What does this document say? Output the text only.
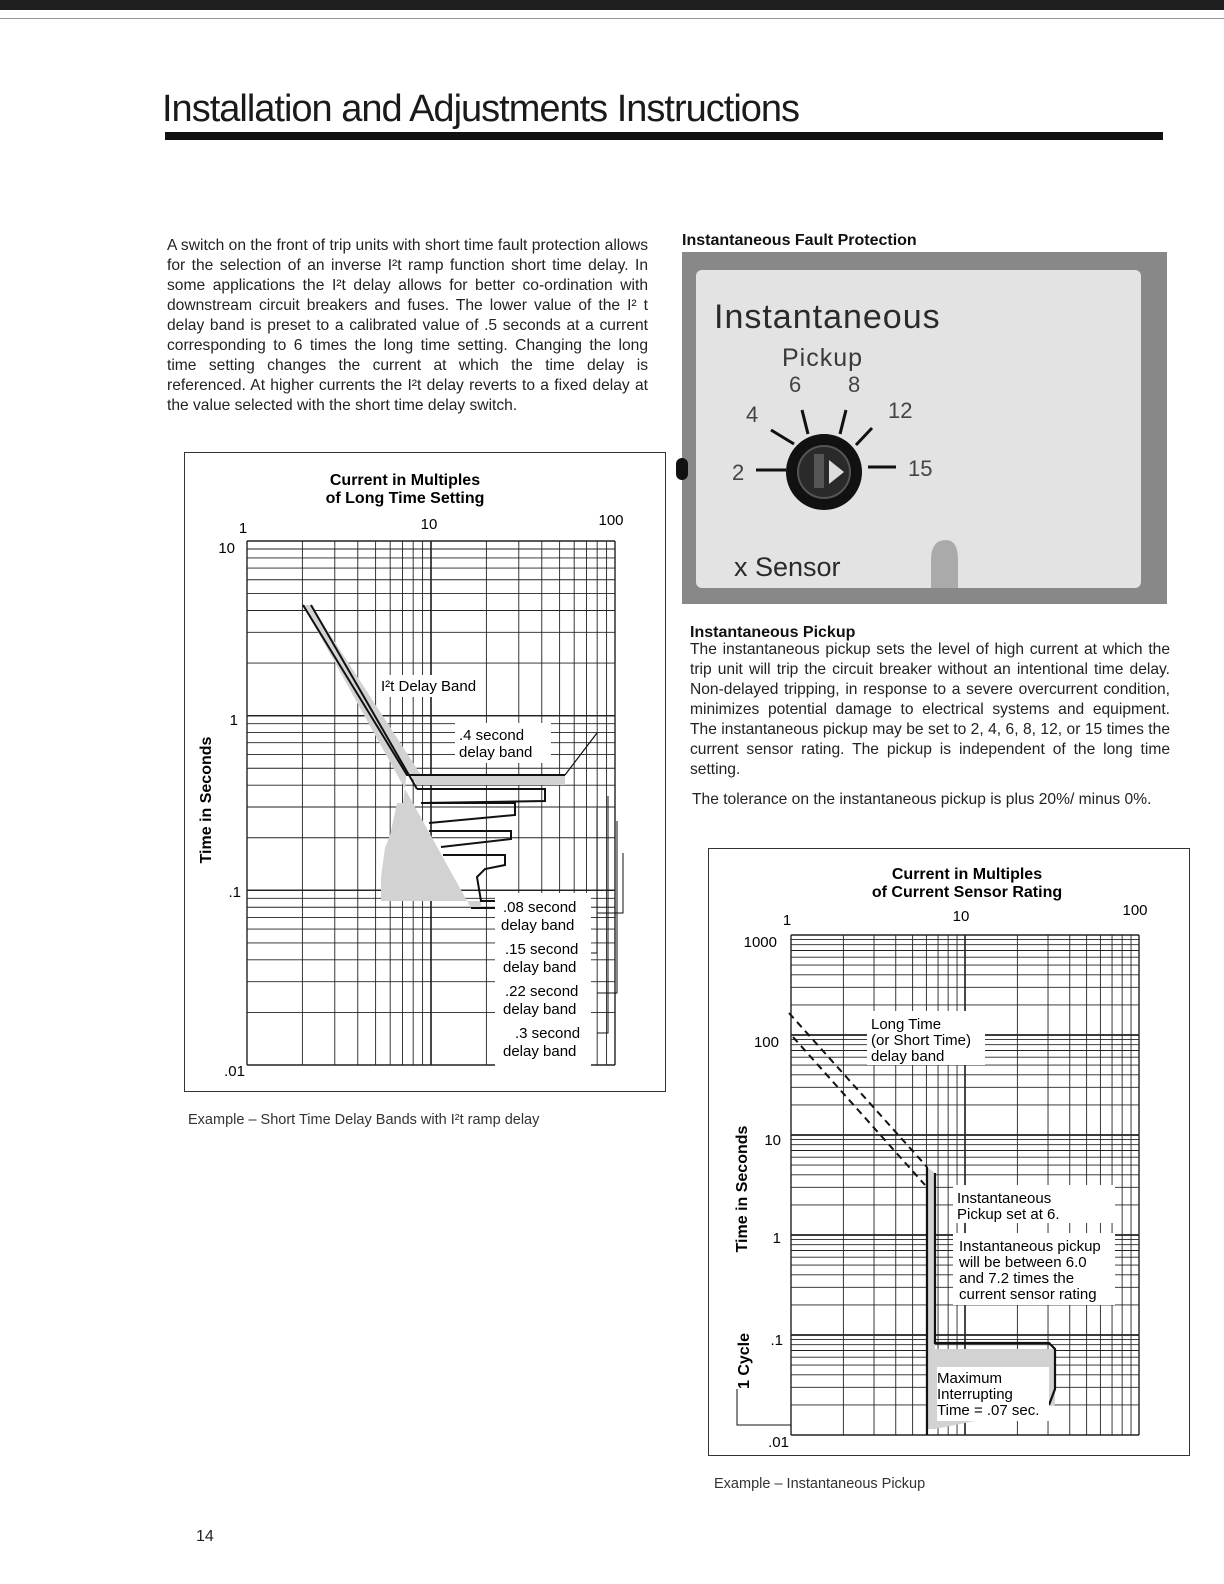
Installation and Adjustments Instructions

A switch on the front of trip units with short time fault protection allows for the selection of an inverse I²t ramp function short time delay. In some applications the I²t delay allows for better co-ordination with downstream circuit breakers and fuses. The lower value of the I² t delay band is preset to a calibrated value of .5 seconds at a current corresponding to 6 times the long time setting. Changing the long time setting changes the current at which the time delay is referenced. At higher currents the I²t delay reverts to a fixed delay at the value selected with the short time delay switch.

Current in Multiples
of Long Time Setting
1	10	100
10
1
.1
.01
Time in Seconds
I²t Delay Band
.4 second
delay band
.08 second
delay band
.15 second
delay band
.22 second
delay band
.3 second
delay band

Example – Short Time Delay Bands with I²t ramp delay

Instantaneous Fault Protection

Instantaneous
Pickup
2
4
6 8
12
15
x Sensor

Instantaneous Pickup

The instantaneous pickup sets the level of high current at which the trip unit will trip the circuit breaker without an intentional time delay. Non-delayed tripping, in response to a severe overcurrent condition, minimizes potential damage to electrical systems and equipment. The instantaneous pickup may be set to 2, 4, 6, 8, 12, or 15 times the current sensor rating. The pickup is independent of the long time setting.

The tolerance on the instantaneous pickup is plus 20%/ minus 0%.

Current in Multiples
of Current Sensor Rating
1	10	100
1000
100
10
1
.1
.01
Time in Seconds
1 Cycle
Long Time
(or Short Time)
delay band
Instantaneous
Pickup set at 6.
Instantaneous pickup
will be between 6.0
and 7.2 times the
current sensor rating
Maximum
Interrupting
Time = .07 sec.

Example – Instantaneous Pickup

14
